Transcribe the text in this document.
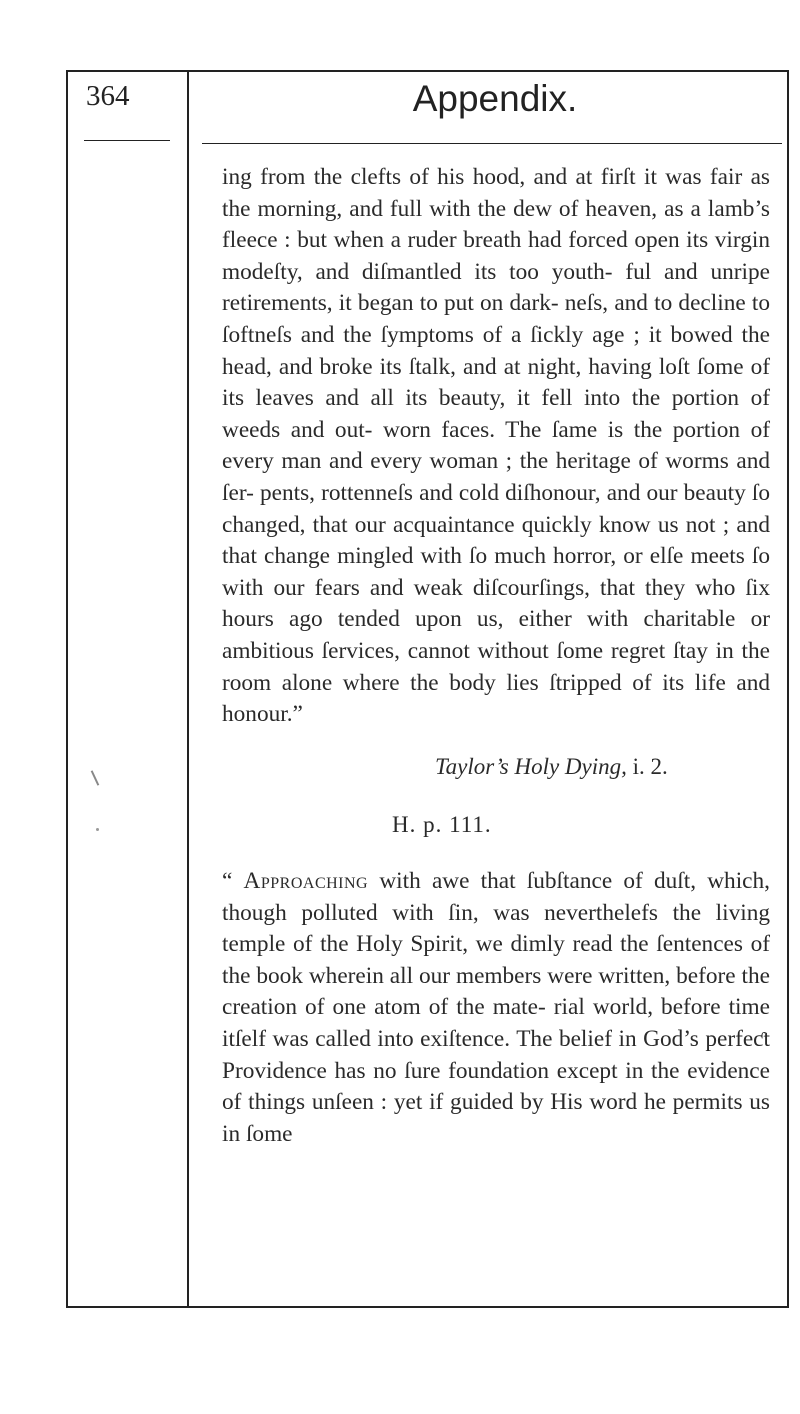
364	Appendix.

ing from the clefts of his hood, and at firſt it was fair as the morning, and full with the dew of heaven, as a lamb’s fleece : but when a ruder breath had forced open its virgin modeſty, and diſmantled its too youth- ful and unripe retirements, it began to put on dark- neſs, and to decline to ſoftneſs and the ſymptoms of a ſickly age ; it bowed the head, and broke its ſtalk, and at night, having loſt ſome of its leaves and all its beauty, it fell into the portion of weeds and out- worn faces. The ſame is the portion of every man and every woman ; the heritage of worms and ſer- pents, rottenneſs and cold diſhonour, and our beauty ſo changed, that our acquaintance quickly know us not ; and that change mingled with ſo much horror, or elſe meets ſo with our fears and weak diſcourſings, that they who ſix hours ago tended upon us, either with charitable or ambitious ſervices, cannot without ſome regret ſtay in the room alone where the body lies ſtripped of its life and honour.”

Taylor’s Holy Dying, i. 2.
H. p. 111.

“ Approaching with awe that ſubſtance of duſt, which, though polluted with ſin, was neverthelefs the living temple of the Holy Spirit, we dimly read the ſentences of the book wherein all our members were written, before the creation of one atom of the mate- rial world, before time itſelf was called into exiſtence. The belief in God’s perfeƈt Providence has no ſure foundation except in the evidence of things unſeen : yet if guided by His word he permits us in ſome
